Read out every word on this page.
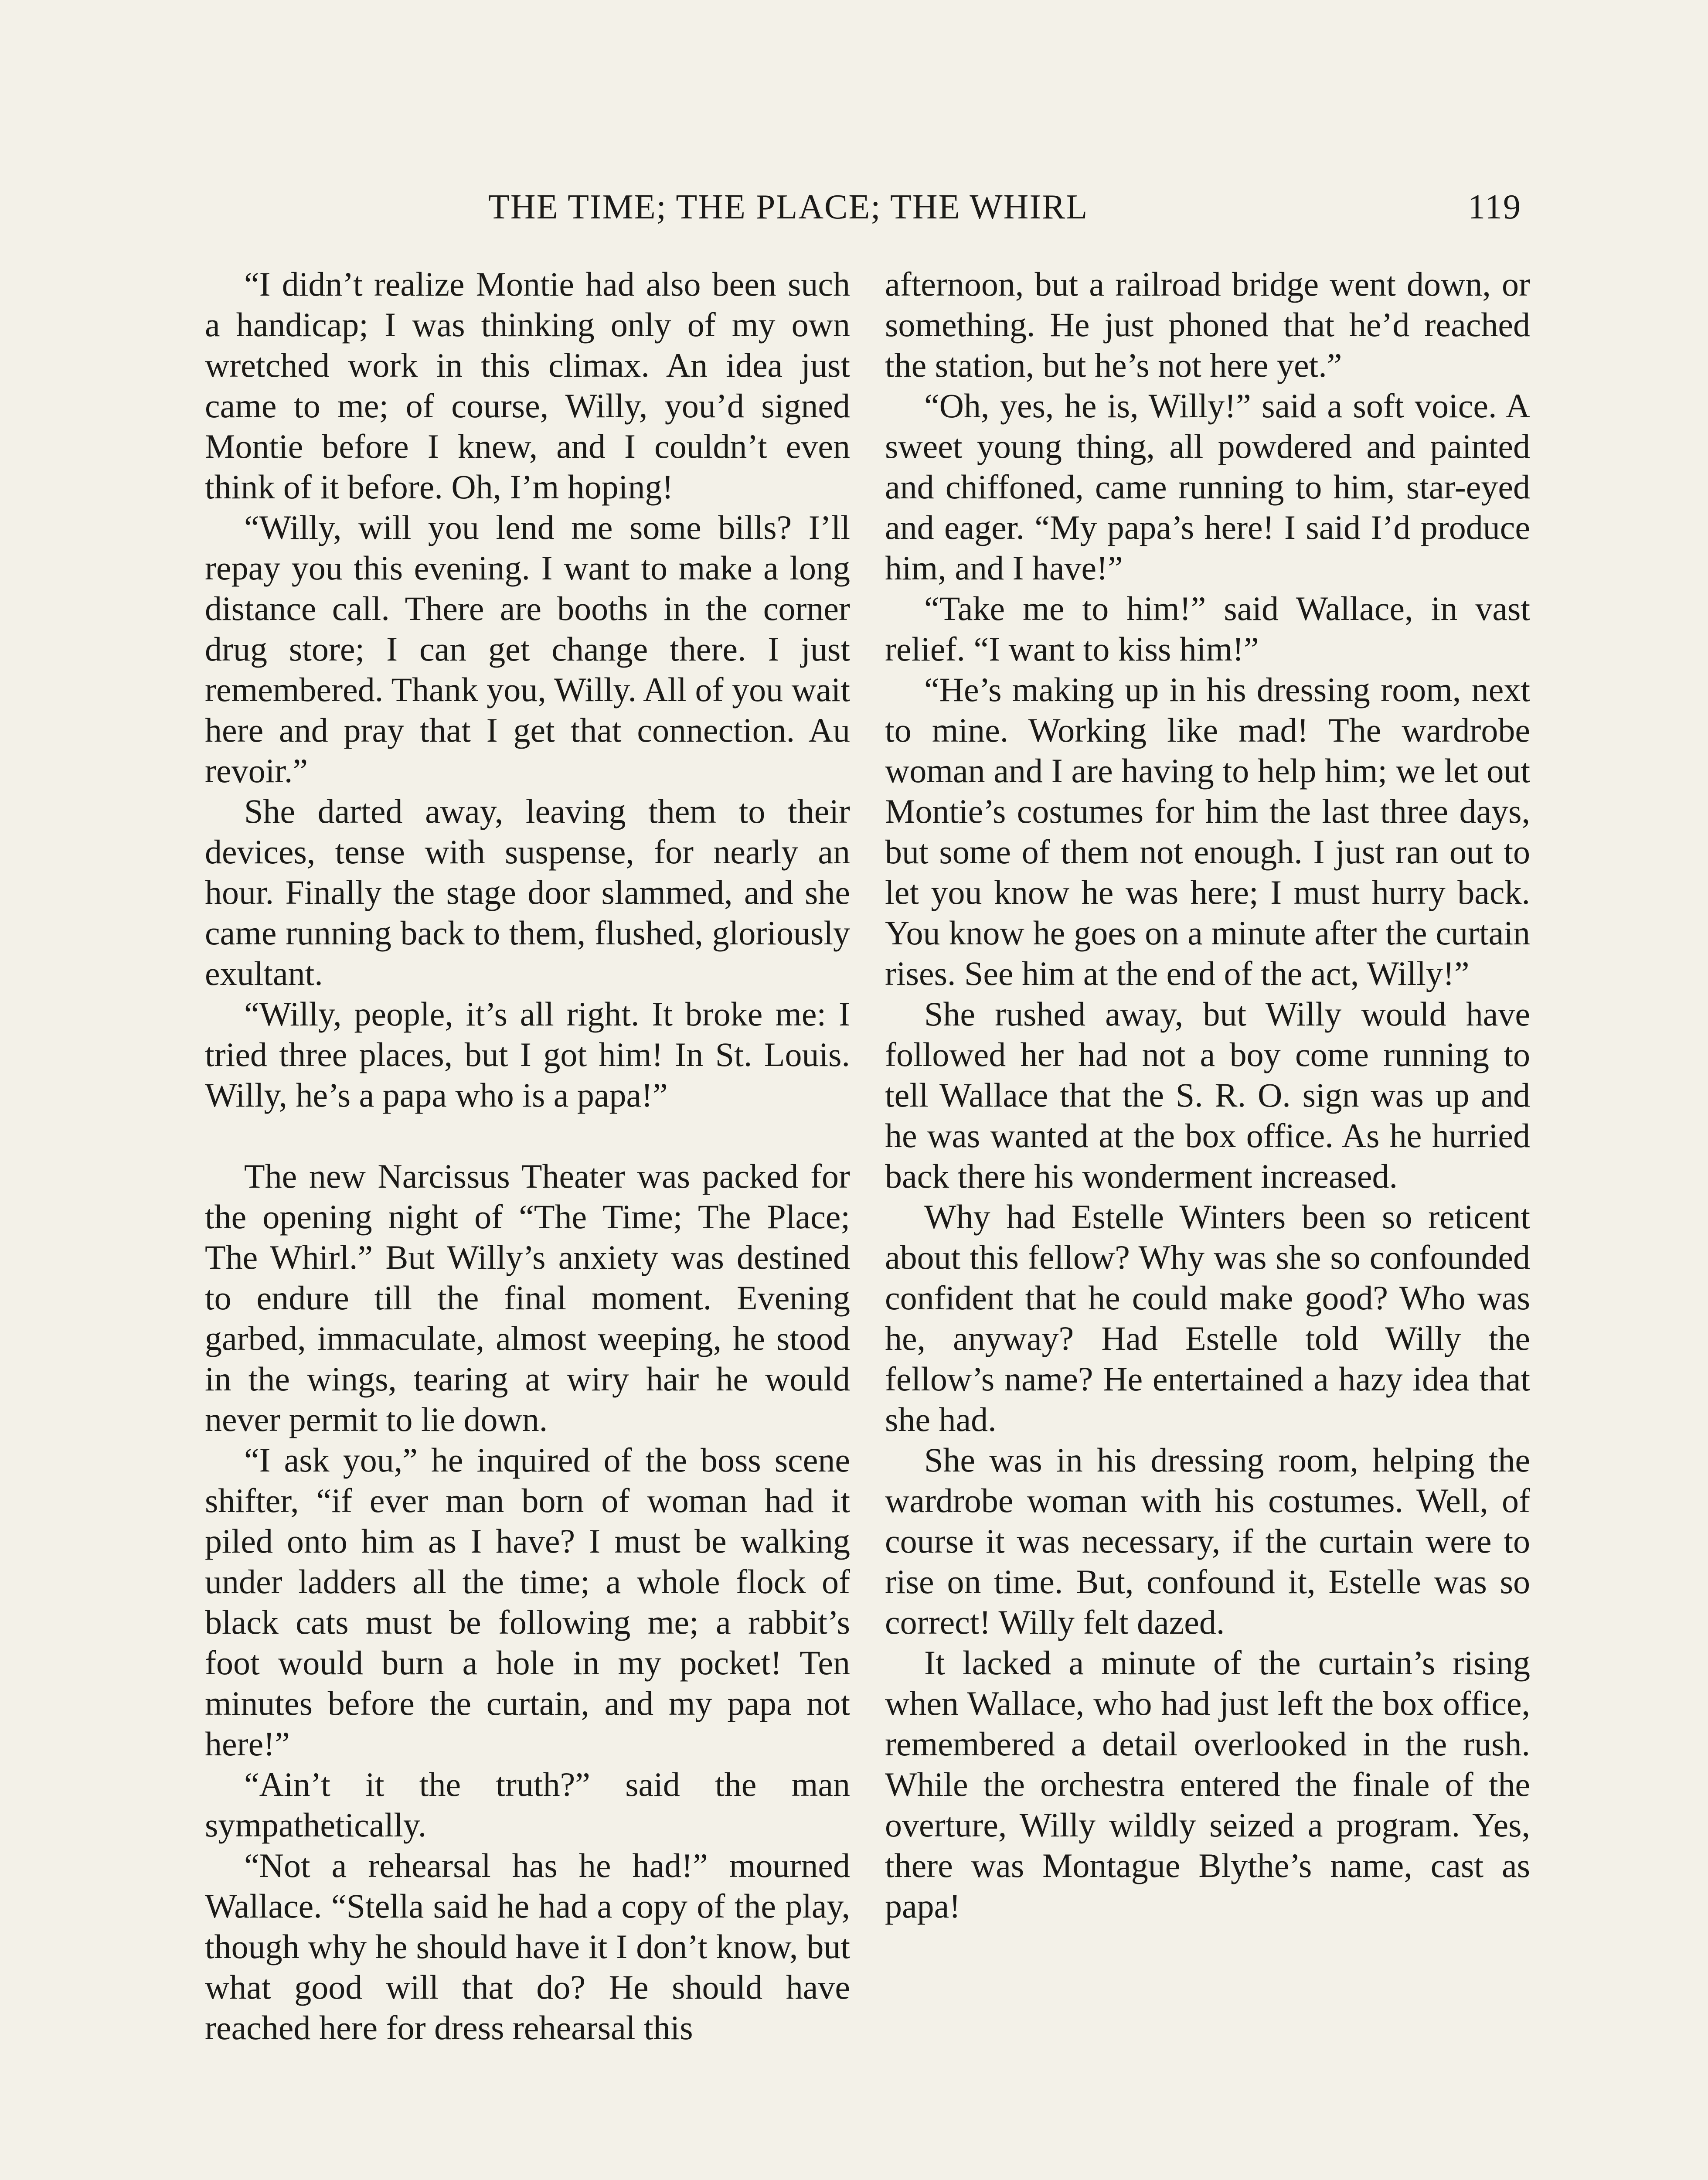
THE TIME; THE PLACE; THE WHIRL	119

“I didn’t realize Montie had also been such a handicap; I was thinking only of my own wretched work in this climax. An idea just came to me; of course, Willy, you’d signed Montie before I knew, and I couldn’t even think of it before. Oh, I’m hoping!

“Willy, will you lend me some bills? I’ll repay you this evening. I want to make a long distance call. There are booths in the corner drug store; I can get change there. I just remembered. Thank you, Willy. All of you wait here and pray that I get that connection. Au revoir.”

She darted away, leaving them to their devices, tense with suspense, for nearly an hour. Finally the stage door slammed, and she came running back to them, flushed, gloriously exultant.

“Willy, people, it’s all right. It broke me: I tried three places, but I got him! In St. Louis. Willy, he’s a papa who is a papa!”

The new Narcissus Theater was packed for the opening night of “The Time; The Place; The Whirl.” But Willy’s anxiety was destined to endure till the final moment. Evening garbed, immaculate, almost weeping, he stood in the wings, tearing at wiry hair he would never permit to lie down.

“I ask you,” he inquired of the boss scene shifter, “if ever man born of woman had it piled onto him as I have? I must be walking under ladders all the time; a whole flock of black cats must be following me; a rabbit’s foot would burn a hole in my pocket! Ten minutes before the curtain, and my papa not here!”

“Ain’t it the truth?” said the man sympathetically.

“Not a rehearsal has he had!” mourned Wallace. “Stella said he had a copy of the play, though why he should have it I don’t know, but what good will that do? He should have reached here for dress rehearsal this

afternoon, but a railroad bridge went down, or something. He just phoned that he’d reached the station, but he’s not here yet.”

“Oh, yes, he is, Willy!” said a soft voice. A sweet young thing, all powdered and painted and chiffoned, came running to him, star-eyed and eager. “My papa’s here! I said I’d produce him, and I have!”

“Take me to him!” said Wallace, in vast relief. “I want to kiss him!”

“He’s making up in his dressing room, next to mine. Working like mad! The wardrobe woman and I are having to help him; we let out Montie’s costumes for him the last three days, but some of them not enough. I just ran out to let you know he was here; I must hurry back. You know he goes on a minute after the curtain rises. See him at the end of the act, Willy!”

She rushed away, but Willy would have followed her had not a boy come running to tell Wallace that the S. R. O. sign was up and he was wanted at the box office. As he hurried back there his wonderment increased.

Why had Estelle Winters been so reticent about this fellow? Why was she so confounded confident that he could make good? Who was he, anyway? Had Estelle told Willy the fellow’s name? He entertained a hazy idea that she had.

She was in his dressing room, helping the wardrobe woman with his costumes. Well, of course it was necessary, if the curtain were to rise on time. But, confound it, Estelle was so correct! Willy felt dazed.

It lacked a minute of the curtain’s rising when Wallace, who had just left the box office, remembered a detail overlooked in the rush. While the orchestra entered the finale of the overture, Willy wildly seized a program. Yes, there was Montague Blythe’s name, cast as papa!
